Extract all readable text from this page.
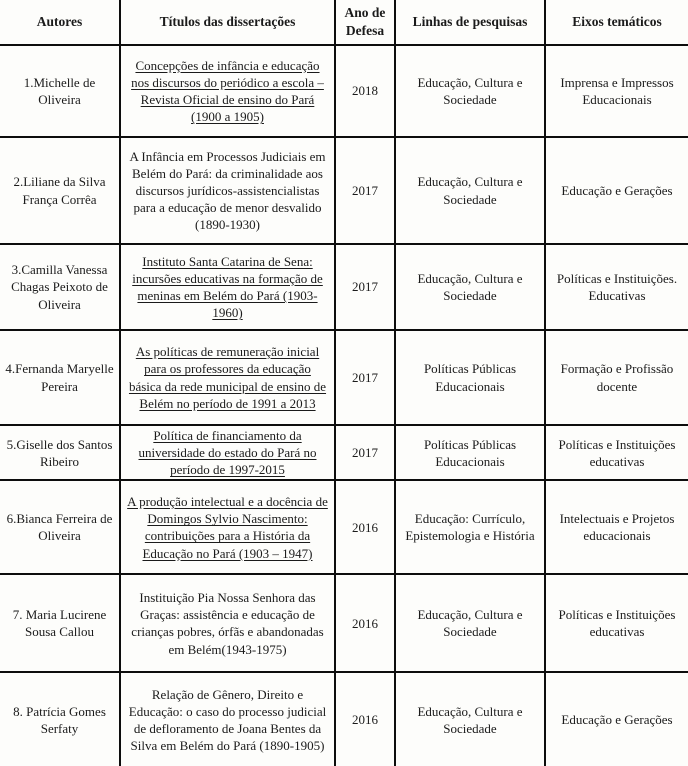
Autores	Títulos das dissertações	Ano de Defesa	Linhas de pesquisas	Eixos temáticos
1.Michelle de Oliveira	Concepções de infância e educação nos discursos do periódico a escola – Revista Oficial de ensino do Pará (1900 a 1905)	2018	Educação, Cultura e Sociedade	Imprensa e Impressos Educacionais
2.Liliane da Silva França Corrêa	A Infância em Processos Judiciais em Belém do Pará: da criminalidade aos discursos jurídicos-assistencialistas para a educação de menor desvalido (1890-1930)	2017	Educação, Cultura e Sociedade	Educação e Gerações
3.Camilla Vanessa Chagas Peixoto de Oliveira	Instituto Santa Catarina de Sena: incursões educativas na formação de meninas em Belém do Pará (1903-1960)	2017	Educação, Cultura e Sociedade	Políticas e Instituições. Educativas
4.Fernanda Maryelle Pereira	As políticas de remuneração inicial para os professores da educação básica da rede municipal de ensino de Belém no período de 1991 a 2013	2017	Políticas Públicas Educacionais	Formação e Profissão docente
5.Giselle dos Santos Ribeiro	Política de financiamento da universidade do estado do Pará no período de 1997-2015	2017	Políticas Públicas Educacionais	Políticas e Instituições educativas
6.Bianca Ferreira de Oliveira	A produção intelectual e a docência de Domingos Sylvio Nascimento: contribuições para a História da Educação no Pará (1903 – 1947)	2016	Educação: Currículo, Epistemologia e História	Intelectuais e Projetos educacionais
7. Maria Lucirene Sousa Callou	Instituição Pia Nossa Senhora das Graças: assistência e educação de crianças pobres, órfãs e abandonadas em Belém(1943-1975)	2016	Educação, Cultura e Sociedade	Políticas e Instituições educativas
8. Patrícia Gomes Serfaty	Relação de Gênero, Direito e Educação: o caso do processo judicial de defloramento de Joana Bentes da Silva em Belém do Pará (1890-1905)	2016	Educação, Cultura e Sociedade	Educação e Gerações
